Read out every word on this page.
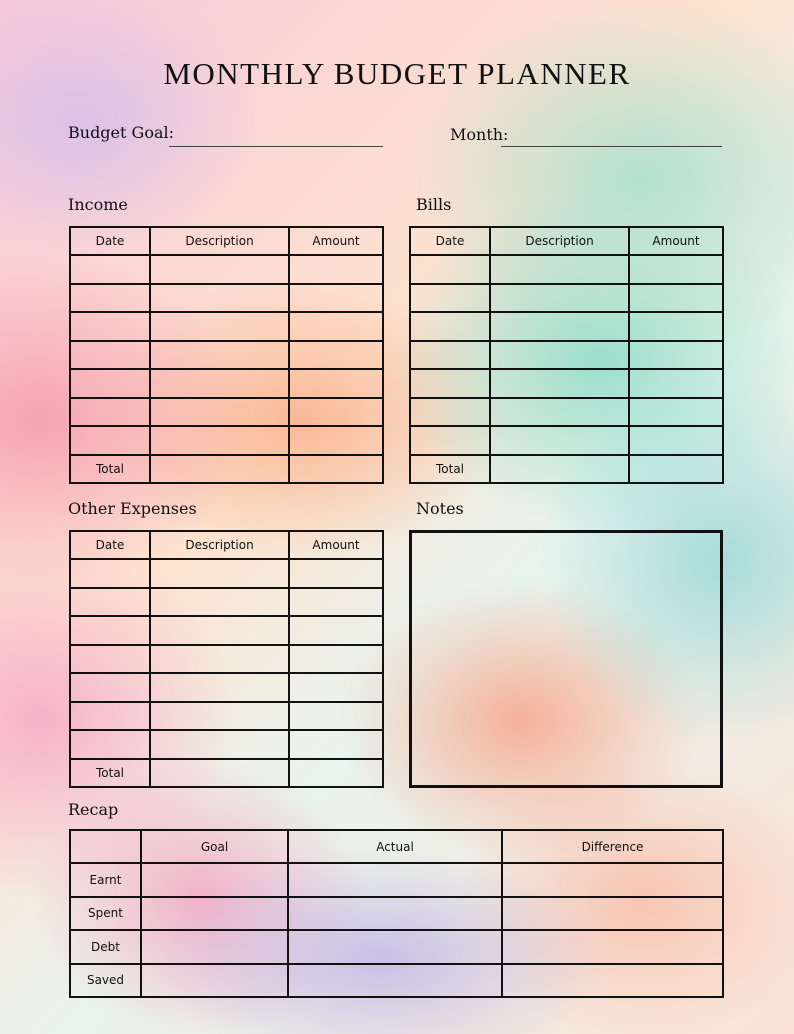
MONTHLY BUDGET PLANNER
Budget Goal:	Month:
Income
Date	Description	Amount

Total		
Bills
Date	Description	Amount

Total		
Other Expenses
Date	Description	Amount

Total		
Notes
Recap
	Goal	Actual	Difference
Earnt			
Spent			
Debt			
Saved			
